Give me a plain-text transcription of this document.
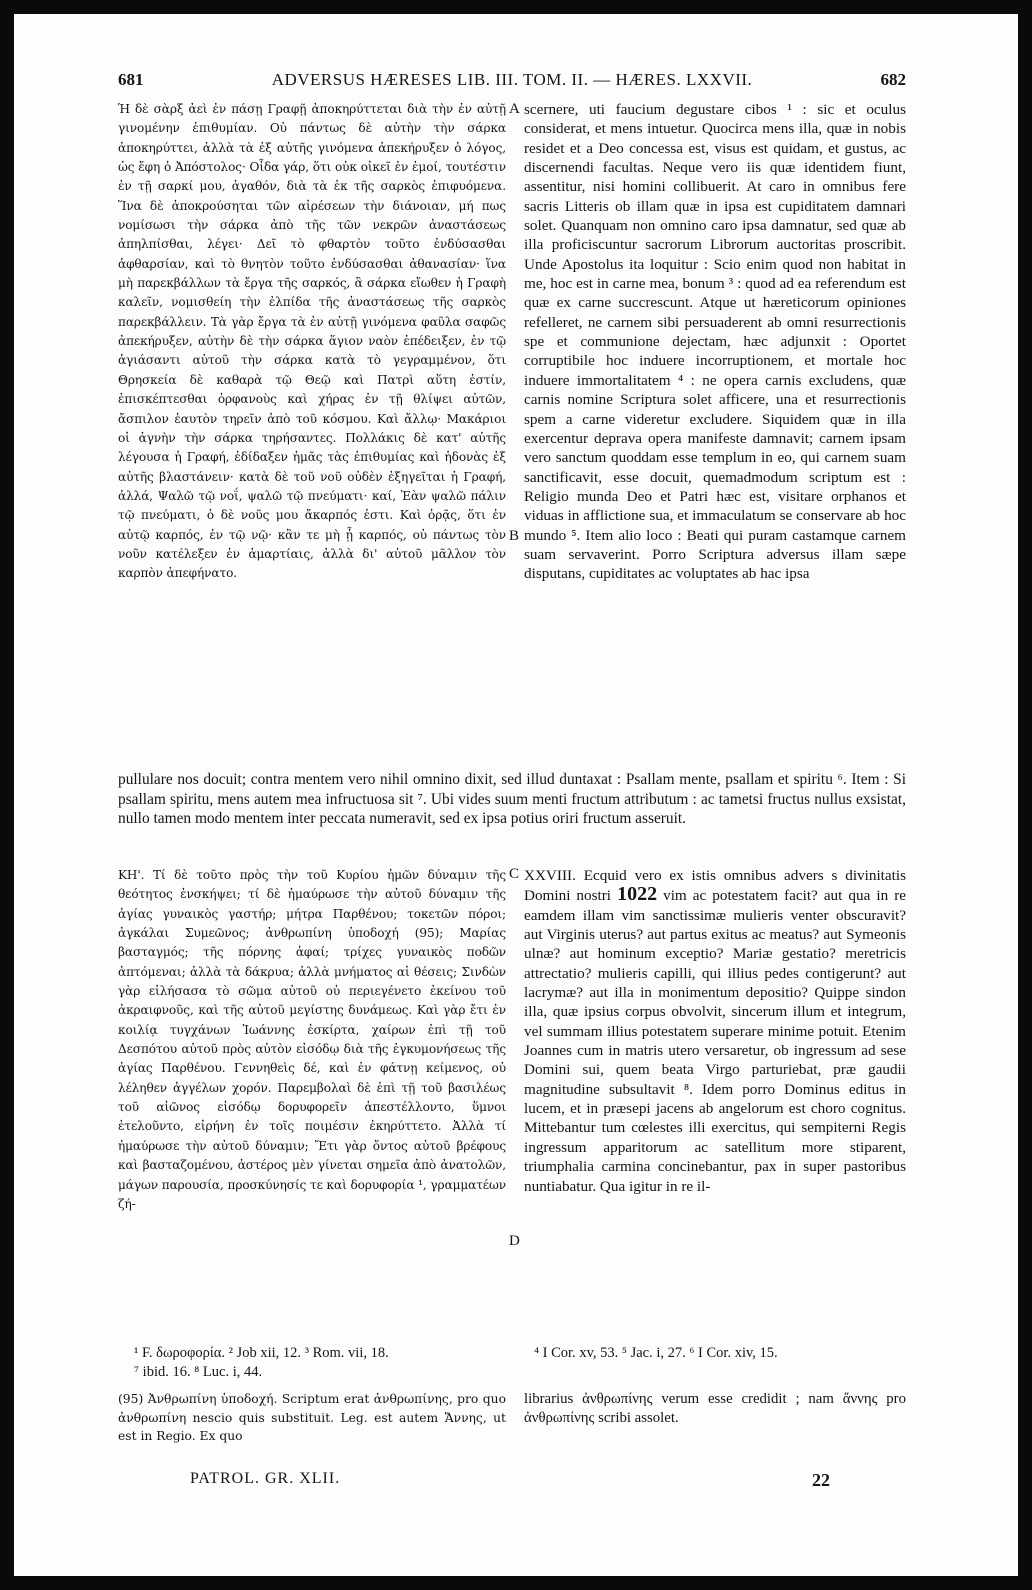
681	ADVERSUS HÆRESES LIB. III. TOM. II. — HÆRES. LXXVII.	682

Ἡ δὲ σὰρξ ἀεὶ ἐν πάσῃ Γραφῇ ἀποκηρύττεται διὰ τὴν ἐν αὐτῇ γινομένην ἐπιθυμίαν. Οὐ πάντως δὲ αὐτὴν τὴν σάρκα ἀποκηρύττει, ἀλλὰ τὰ ἐξ αὐτῆς γινόμενα ἀπεκήρυξεν ὁ λόγος, ὡς ἔφη ὁ Ἀπόστολος· Οἶδα γάρ, ὅτι οὐκ οἰκεῖ ἐν ἐμοί, τουτέστιν ἐν τῇ σαρκί μου, ἀγαθόν, διὰ τὰ ἐκ τῆς σαρκὸς ἐπιφυόμενα. Ἵνα δὲ ἀποκρούσηται τῶν αἱρέσεων τὴν διάνοιαν, μή πως νομίσωσι τὴν σάρκα ἀπὸ τῆς τῶν νεκρῶν ἀναστάσεως ἀπηλπίσθαι, λέγει· Δεῖ τὸ φθαρτὸν τοῦτο ἐνδύσασθαι ἀφθαρσίαν, καὶ τὸ θνητὸν τοῦτο ἐνδύσασθαι ἀθανασίαν· ἵνα μὴ παρεκβάλλων τὰ ἔργα τῆς σαρκός, ἃ σάρκα εἴωθεν ἡ Γραφὴ καλεῖν, νομισθείη τὴν ἐλπίδα τῆς ἀναστάσεως τῆς σαρκὸς παρεκβάλλειν. Τὰ γὰρ ἔργα τὰ ἐν αὐτῇ γινόμενα φαῦλα σαφῶς ἀπεκήρυξεν, αὐτὴν δὲ τὴν σάρκα ἅγιον ναὸν ἐπέδειξεν, ἐν τῷ ἁγιάσαντι αὐτοῦ τὴν σάρκα κατὰ τὸ γεγραμμένον, ὅτι Θρησκεία δὲ καθαρὰ τῷ Θεῷ καὶ Πατρὶ αὕτη ἐστίν, ἐπισκέπτεσθαι ὀρφανοὺς καὶ χήρας ἐν τῇ θλίψει αὐτῶν, ἄσπιλον ἑαυτὸν τηρεῖν ἀπὸ τοῦ κόσμου. Καὶ ἄλλῳ· Μακάριοι οἱ ἁγνὴν τὴν σάρκα τηρήσαντες. Πολλάκις δὲ κατ' αὐτῆς λέγουσα ἡ Γραφή, ἐδίδαξεν ἡμᾶς τὰς ἐπιθυμίας καὶ ἡδονὰς ἐξ αὐτῆς βλαστάνειν· κατὰ δὲ τοῦ νοῦ οὐδὲν ἐξηγεῖται ἡ Γραφή, ἀλλά, Ψαλῶ τῷ νοΐ, ψαλῶ τῷ πνεύματι· καί, Ἐὰν ψαλῶ πάλιν τῷ πνεύματι, ὁ δὲ νοῦς μου ἄκαρπός ἐστι. Καὶ ὁρᾷς, ὅτι ἐν αὐτῷ καρπός, ἐν τῷ νῷ· κἂν τε μὴ ᾖ καρπός, οὐ πάντως τὸν νοῦν κατέλεξεν ἐν ἁμαρτίαις, ἀλλὰ δι' αὐτοῦ μᾶλλον τὸν καρπὸν ἀπεφήνατο.

A
B
C
D

scernere, uti faucium degustare cibos ¹ : sic et oculus considerat, et mens intuetur. Quocirca mens illa, quæ in nobis residet et a Deo concessa est, visus est quidam, et gustus, ac discernendi facultas. Neque vero iis quæ identidem fiunt, assentitur, nisi homini collibuerit. At caro in omnibus fere sacris Litteris ob illam quæ in ipsa est cupiditatem damnari solet. Quanquam non omnino caro ipsa damnatur, sed quæ ab illa proficiscuntur sacrorum Librorum auctoritas proscribit. Unde Apostolus ita loquitur : Scio enim quod non habitat in me, hoc est in carne mea, bonum ³ : quod ad ea referendum est quæ ex carne succrescunt. Atque ut hæreticorum opiniones refelleret, ne carnem sibi persuaderent ab omni resurrectionis spe et communione dejectam, hæc adjunxit : Oportet corruptibile hoc induere incorruptionem, et mortale hoc induere immortalitatem ⁴ : ne opera carnis excludens, quæ carnis nomine Scriptura solet afficere, una et resurrectionis spem a carne videretur excludere. Siquidem quæ in illa exercentur deprava opera manifeste damnavit; carnem ipsam vero sanctum quoddam esse templum in eo, qui carnem suam sanctificavit, esse docuit, quemadmodum scriptum est : Religio munda Deo et Patri hæc est, visitare orphanos et viduas in afflictione sua, et immaculatum se conservare ab hoc mundo ⁵. Item alio loco : Beati qui puram castamque carnem suam servaverint. Porro Scriptura adversus illam sæpe disputans, cupiditates ac voluptates ab hac ipsa

pullulare nos docuit; contra mentem vero nihil omnino dixit, sed illud duntaxat : Psallam mente, psallam et spiritu ⁶. Item : Si psallam spiritu, mens autem mea infructuosa sit ⁷. Ubi vides suum menti fructum attributum : ac tametsi fructus nullus exsistat, nullo tamen modo mentem inter peccata numeravit, sed ex ipsa potius oriri fructum asseruit.

ΚΗ'. Τί δὲ τοῦτο πρὸς τὴν τοῦ Κυρίου ἡμῶν δύναμιν τῆς θεότητος ἐνσκήψει; τί δὲ ἠμαύρωσε τὴν αὐτοῦ δύναμιν τῆς ἁγίας γυναικὸς γαστήρ; μήτρα Παρθένου; τοκετῶν πόροι; ἀγκάλαι Συμεῶνος; ἀνθρωπίνη ὑποδοχή (95); Μαρίας βασταγμός; τῆς πόρνης ἁφαί; τρίχες γυναικὸς ποδῶν ἁπτόμεναι; ἀλλὰ τὰ δάκρυα; ἀλλὰ μνήματος αἱ θέσεις; Σινδὼν γὰρ εἰλήσασα τὸ σῶμα αὐτοῦ οὐ περιεγένετο ἐκείνου τοῦ ἀκραιφνοῦς, καὶ τῆς αὐτοῦ μεγίστης δυνάμεως. Καὶ γὰρ ἔτι ἐν κοιλίᾳ τυγχάνων Ἰωάννης ἐσκίρτα, χαίρων ἐπὶ τῇ τοῦ Δεσπότου αὐτοῦ πρὸς αὐτὸν εἰσόδῳ διὰ τῆς ἐγκυμονήσεως τῆς ἁγίας Παρθένου. Γεννηθεὶς δέ, καὶ ἐν φάτνῃ κείμενος, οὐ λέληθεν ἀγγέλων χορόν. Παρεμβολαὶ δὲ ἐπὶ τῇ τοῦ βασιλέως τοῦ αἰῶνος εἰσόδῳ δορυφορεῖν ἀπεστέλλοντο, ὕμνοι ἐτελοῦντο, εἰρήνη ἐν τοῖς ποιμέσιν ἐκηρύττετο. Ἀλλὰ τί ἠμαύρωσε τὴν αὐτοῦ δύναμιν; Ἔτι γὰρ ὄντος αὐτοῦ βρέφους καὶ βασταζομένου, ἀστέρος μὲν γίνεται σημεῖα ἀπὸ ἀνατολῶν, μάγων παρουσία, προσκύνησίς τε καὶ δορυφορία ¹, γραμματέων ζή-

XXVIII. Ecquid vero ex istis omnibus advers s divinitatis Domini nostri 1022 vim ac potestatem facit? aut qua in re eamdem illam vim sanctissimæ mulieris venter obscuravit? aut Virginis uterus? aut partus exitus ac meatus? aut Symeonis ulnæ? aut hominum exceptio? Mariæ gestatio? meretricis attrectatio? mulieris capilli, qui illius pedes contigerunt? aut lacrymæ? aut illa in monimentum depositio? Quippe sindon illa, quæ ipsius corpus obvolvit, sincerum illum et integrum, vel summam illius potestatem superare minime potuit. Etenim Joannes cum in matris utero versaretur, ob ingressum ad sese Domini sui, quem beata Virgo parturiebat, præ gaudii magnitudine subsultavit ⁸. Idem porro Dominus editus in lucem, et in præsepi jacens ab angelorum est choro cognitus. Mittebantur tum cœlestes illi exercitus, qui sempiterni Regis ingressum apparitorum ac satellitum more stiparent, triumphalia carmina concinebantur, pax in super pastoribus nuntiabatur. Qua igitur in re il-

¹ F. δωροφορία. ² Job xii, 12. ³ Rom. vii, 18.
⁷ ibid. 16. ⁸ Luc. i, 44.
⁴ I Cor. xv, 53. ⁵ Jac. i, 27. ⁶ I Cor. xiv, 15.
(95) Ἀνθρωπίνη ὑποδοχή. Scriptum erat ἀνθρωπίνης, pro quo ἀνθρωπίνη nescio quis substituit. Leg. est autem Ἄννης, ut est in Regio. Ex quo
librarius ἀνθρωπίνης verum esse credidit ; nam ἄννης pro ἀνθρωπίνης scribi assolet.
PATROL. GR. XLII.	22
